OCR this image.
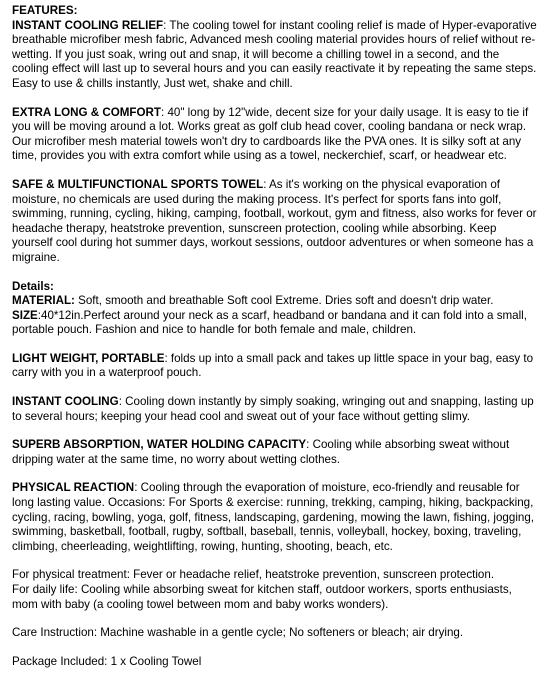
FEATURES:

INSTANT COOLING RELIEF: The cooling towel for instant cooling relief is made of Hyper-evaporative breathable microfiber mesh fabric, Advanced mesh cooling material provides hours of relief without re-wetting. If you just soak, wring out and snap, it will become a chilling towel in a second, and the cooling effect will last up to several hours and you can easily reactivate it by repeating the same steps. Easy to use & chills instantly, Just wet, shake and chill.

EXTRA LONG & COMFORT: 40" long by 12"wide, decent size for your daily usage. It is easy to tie if you will be moving around a lot. Works great as golf club head cover, cooling bandana or neck wrap. Our microfiber mesh material towels won't dry to cardboards like the PVA ones. It is silky soft at any time, provides you with extra comfort while using as a towel, neckerchief, scarf, or headwear etc.

SAFE & MULTIFUNCTIONAL SPORTS TOWEL: As it's working on the physical evaporation of moisture, no chemicals are used during the making process. It's perfect for sports fans into golf, swimming, running, cycling, hiking, camping, football, workout, gym and fitness, also works for fever or headache therapy, heatstroke prevention, sunscreen protection, cooling while absorbing. Keep yourself cool during hot summer days, workout sessions, outdoor adventures or when someone has a migraine.

Details:

MATERIAL: Soft, smooth and breathable Soft cool Extreme. Dries soft and doesn't drip water.

SIZE:40*12in.Perfect around your neck as a scarf, headband or bandana and it can fold into a small, portable pouch. Fashion and nice to handle for both female and male, children.

LIGHT WEIGHT, PORTABLE: folds up into a small pack and takes up little space in your bag, easy to carry with you in a waterproof pouch.

INSTANT COOLING: Cooling down instantly by simply soaking, wringing out and snapping, lasting up to several hours; keeping your head cool and sweat out of your face without getting slimy.

SUPERB ABSORPTION, WATER HOLDING CAPACITY: Cooling while absorbing sweat without dripping water at the same time, no worry about wetting clothes.

PHYSICAL REACTION: Cooling through the evaporation of moisture, eco-friendly and reusable for long lasting value. Occasions: For Sports & exercise: running, trekking, camping, hiking, backpacking, cycling, racing, bowling, yoga, golf, fitness, landscaping, gardening, mowing the lawn, fishing, jogging, swimming, basketball, football, rugby, softball, baseball, tennis, volleyball, hockey, boxing, traveling, climbing, cheerleading, weightlifting, rowing, hunting, shooting, beach, etc.

For physical treatment: Fever or headache relief, heatstroke prevention, sunscreen protection.

For daily life: Cooling while absorbing sweat for kitchen staff, outdoor workers, sports enthusiasts, mom with baby (a cooling towel between mom and baby works wonders).

Care Instruction: Machine washable in a gentle cycle; No softeners or bleach; air drying.

Package Included: 1 x Cooling Towel
